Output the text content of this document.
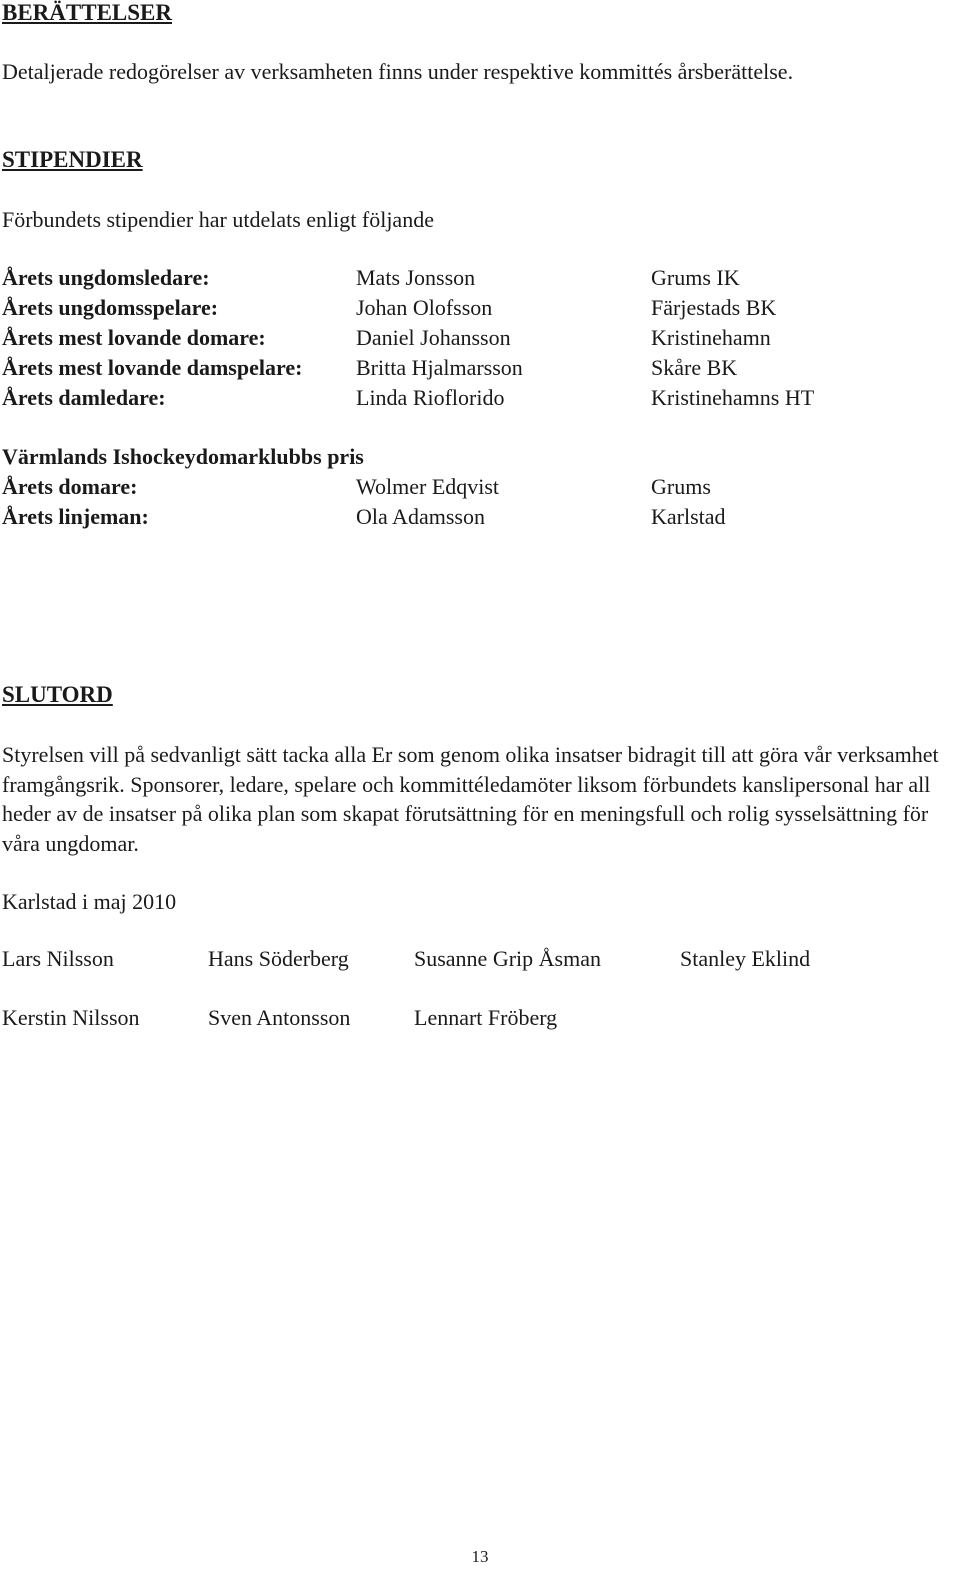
BERÄTTELSER
Detaljerade redogörelser av verksamheten finns under respektive kommittés årsberättelse.
STIPENDIER
Förbundets stipendier har utdelats enligt följande
Årets ungdomsledare:	Mats Jonsson	Grums IK
Årets ungdomsspelare:	Johan Olofsson	Färjestads BK
Årets mest lovande domare:	Daniel Johansson	Kristinehamn
Årets mest lovande damspelare: Britta Hjalmarsson	Skåre BK
Årets damledare:	Linda Rioflorido	Kristinehamns HT
Värmlands Ishockeydomarklubbs pris
Årets domare:	Wolmer Edqvist	Grums
Årets linjeman:	Ola Adamsson	Karlstad
SLUTORD
Styrelsen vill på sedvanligt sätt tacka alla Er som genom olika insatser bidragit till att göra vår verksamhet framgångsrik. Sponsorer, ledare, spelare och kommittéledamöter liksom förbundets kanslipersonal har all heder av de insatser på olika plan som skapat förutsättning för en meningsfull och rolig sysselsättning för våra ungdomar.
Karlstad i maj 2010
Lars Nilsson	Hans Söderberg	Susanne Grip Åsman	Stanley Eklind
Kerstin Nilsson	Sven Antonsson	Lennart Fröberg
13
